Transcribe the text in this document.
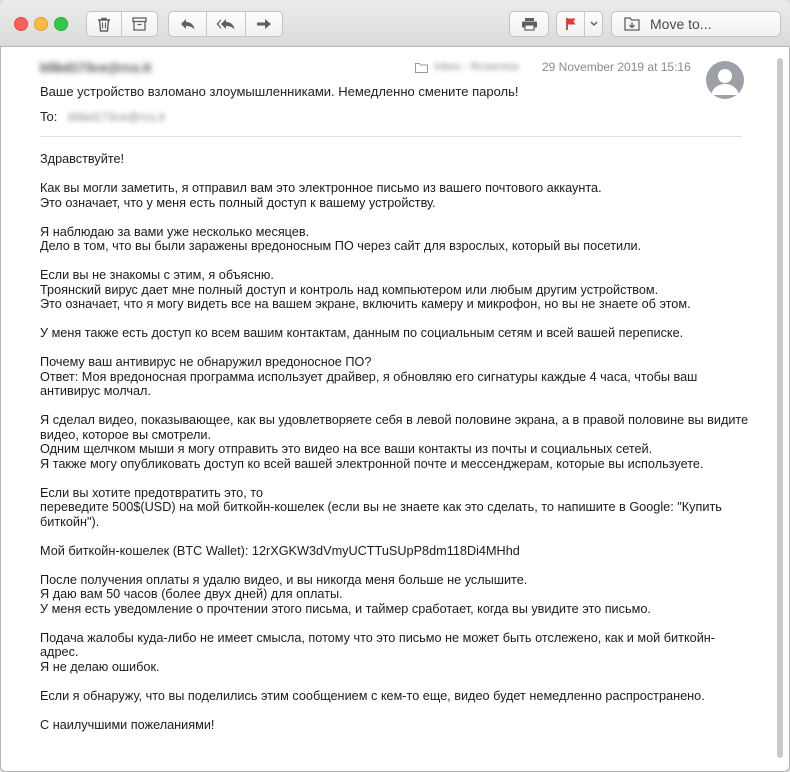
Move to...
b5bd173ce@rcs.it	Inbox - Rcservice 29 November 2019 at 15:16
Ваше устройство взломано злоумышленниками. Немедленно смените пароль!
To: b5bd173ce@rcs.it

Здравствуйте!

Как вы могли заметить, я отправил вам это электронное письмо из вашего почтового аккаунта.
Это означает, что у меня есть полный доступ к вашему устройству.

Я наблюдаю за вами уже несколько месяцев.
Дело в том, что вы были заражены вредоносным ПО через сайт для взрослых, который вы посетили.

Если вы не знакомы с этим, я объясню.
Троянский вирус дает мне полный доступ и контроль над компьютером или любым другим устройством.
Это означает, что я могу видеть все на вашем экране, включить камеру и микрофон, но вы не знаете об этом.

У меня также есть доступ ко всем вашим контактам, данным по социальным сетям и всей вашей переписке.

Почему ваш антивирус не обнаружил вредоносное ПО?
Ответ: Моя вредоносная программа использует драйвер, я обновляю его сигнатуры каждые 4 часа, чтобы ваш
антивирус молчал.

Я сделал видео, показывающее, как вы удовлетворяете себя в левой половине экрана, а в правой половине вы видите
видео, которое вы смотрели.
Одним щелчком мыши я могу отправить это видео на все ваши контакты из почты и социальных сетей.
Я также могу опубликовать доступ ко всей вашей электронной почте и мессенджерам, которые вы используете.

Если вы хотите предотвратить это, то
переведите 500$(USD) на мой биткойн-кошелек (если вы не знаете как это сделать, то напишите в Google: "Купить
биткойн").

Мой биткойн-кошелек (BTC Wallet): 12rXGKW3dVmyUCTTuSUpP8dm118Di4MHhd

После получения оплаты я удалю видео, и вы никогда меня больше не услышите.
Я даю вам 50 часов (более двух дней) для оплаты.
У меня есть уведомление о прочтении этого письма, и таймер сработает, когда вы увидите это письмо.

Подача жалобы куда-либо не имеет смысла, потому что это письмо не может быть отслежено, как и мой биткойн-
адрес.
Я не делаю ошибок.

Если я обнаружу, что вы поделились этим сообщением с кем-то еще, видео будет немедленно распространено.

С наилучшими пожеланиями!
